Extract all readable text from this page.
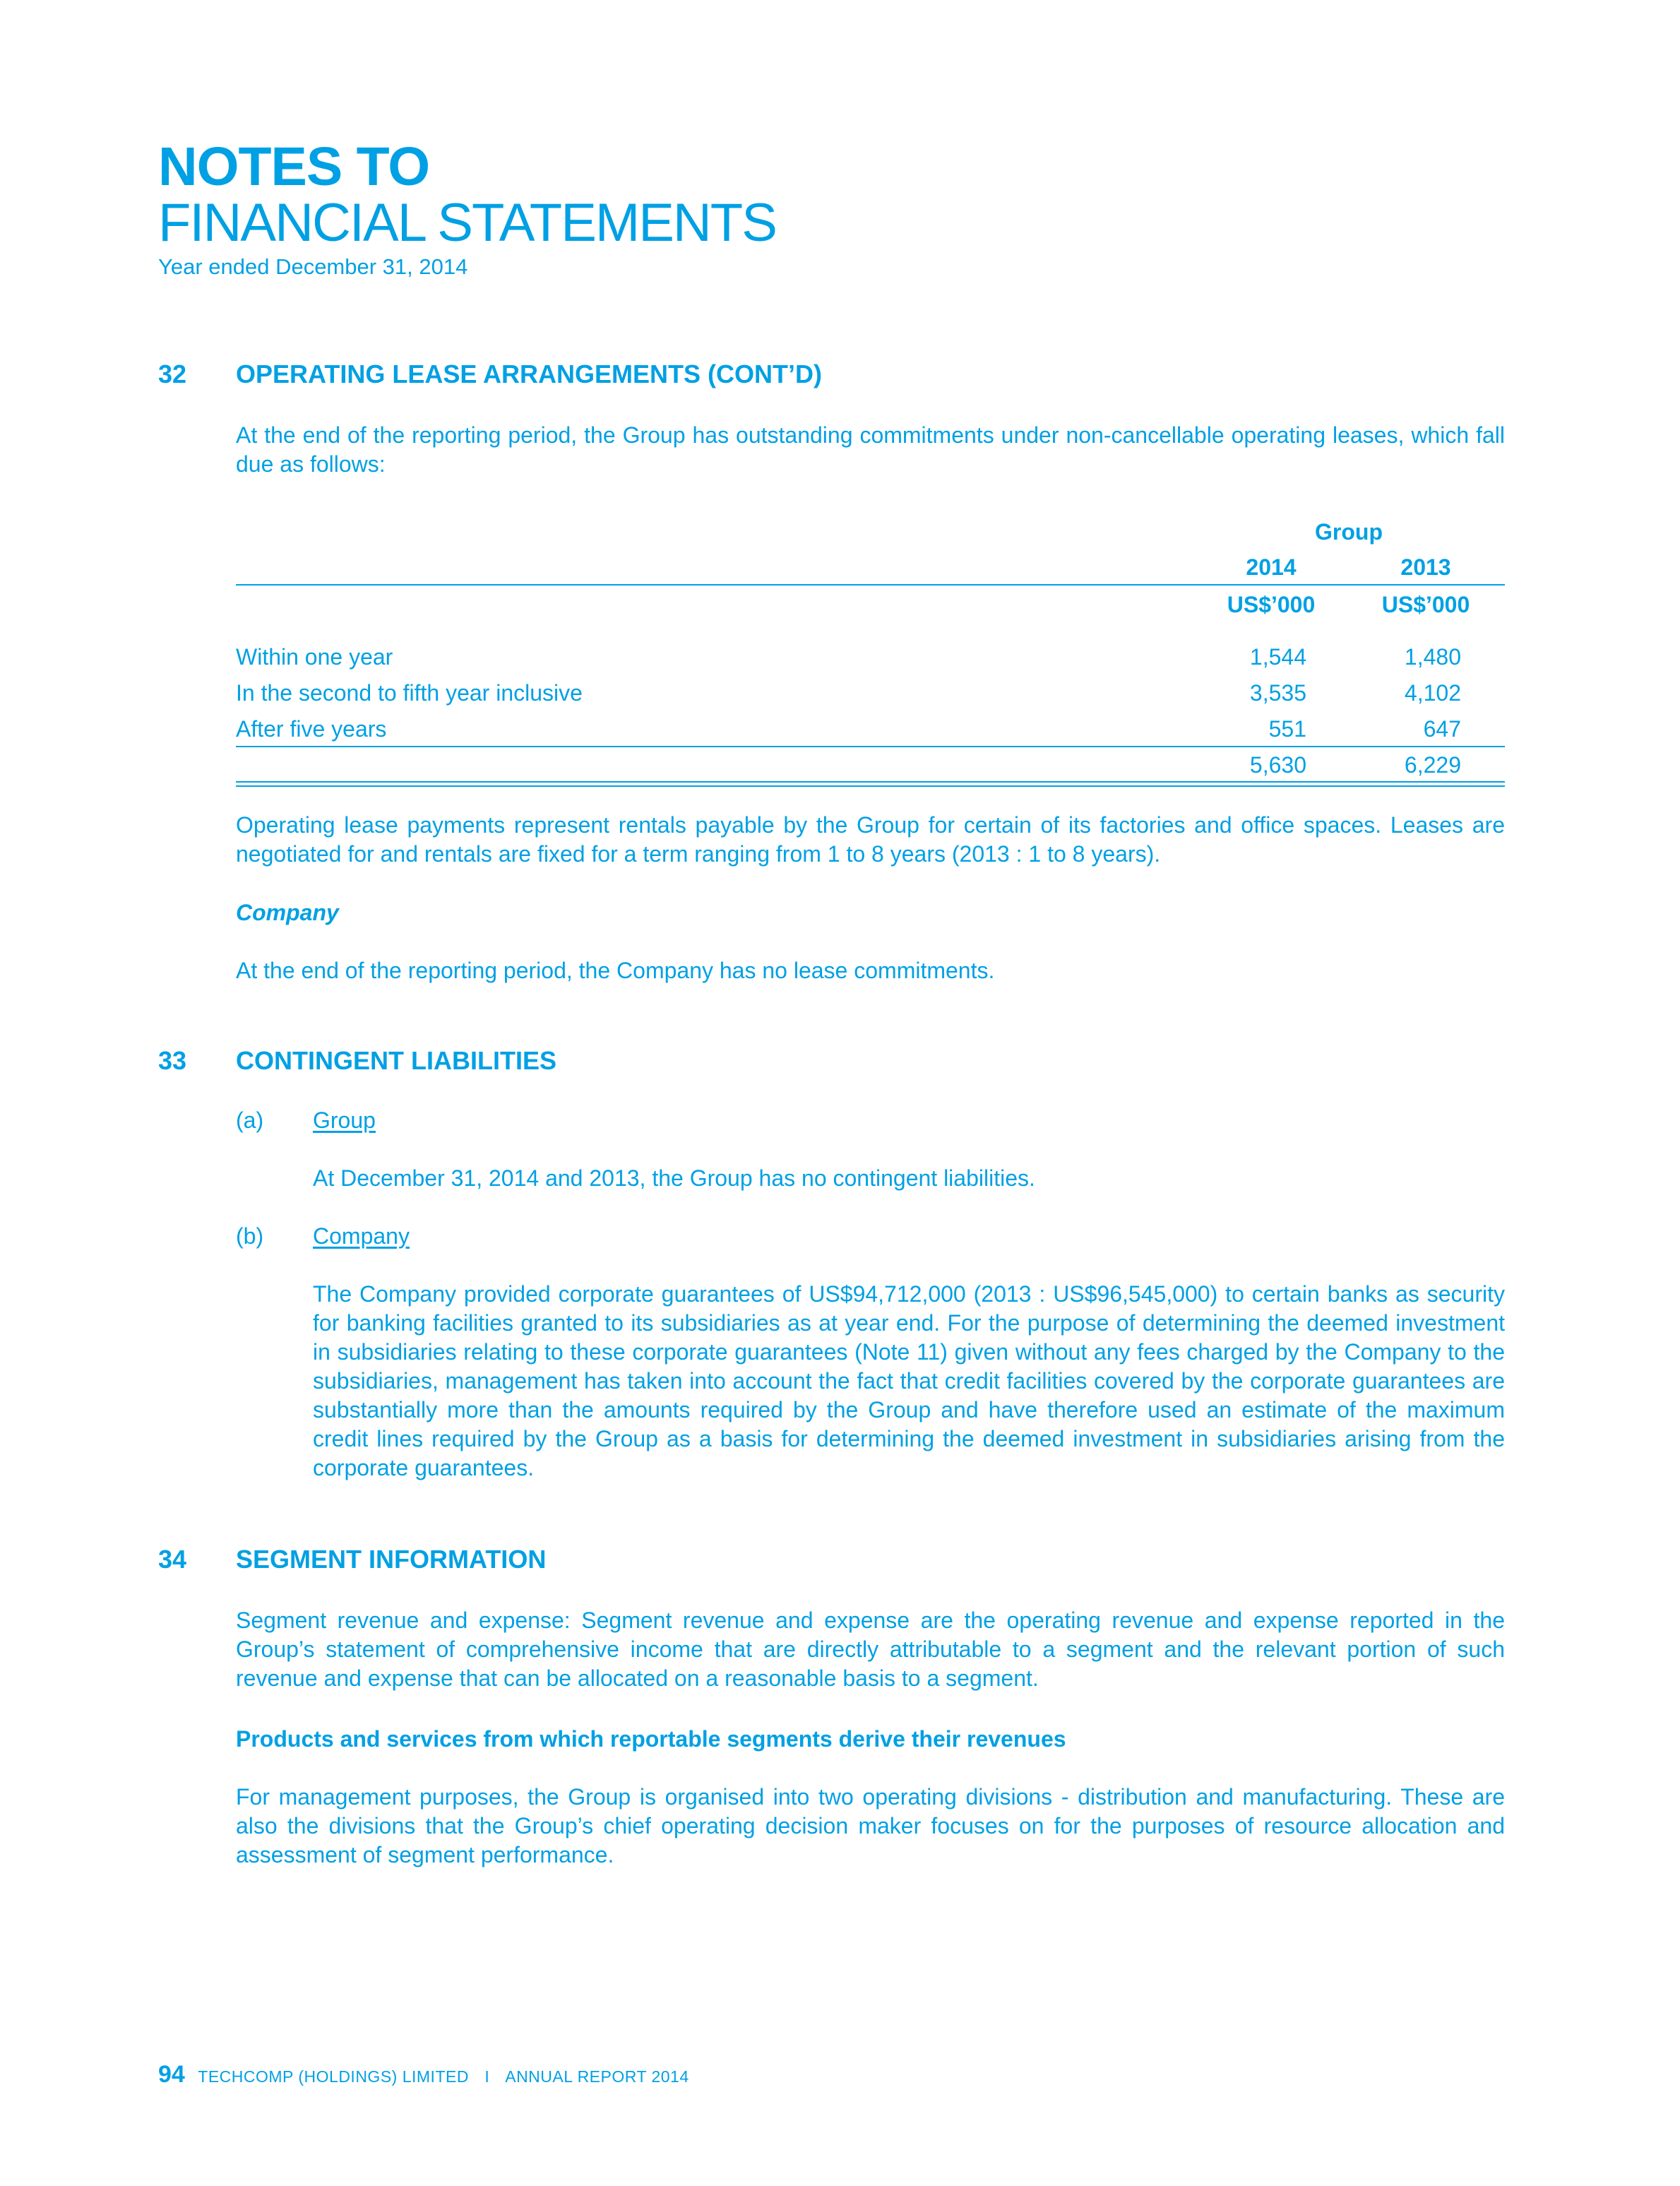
NOTES TO
FINANCIAL STATEMENTS
Year ended December 31, 2014
32 OPERATING LEASE ARRANGEMENTS (CONT’D)

At the end of the reporting period, the Group has outstanding commitments under non-cancellable operating leases, which fall due as follows:

Group
2014	2013
US$’000	US$’000
Within one year	1,544	1,480
In the second to fifth year inclusive	3,535	4,102
After five years	551	647
5,630	6,229

Operating lease payments represent rentals payable by the Group for certain of its factories and office spaces. Leases are negotiated for and rentals are fixed for a term ranging from 1 to 8 years (2013 : 1 to 8 years).

Company

At the end of the reporting period, the Company has no lease commitments.

33 CONTINGENT LIABILITIES
(a) Group

At December 31, 2014 and 2013, the Group has no contingent liabilities.

(b) Company

The Company provided corporate guarantees of US$94,712,000 (2013 : US$96,545,000) to certain banks as security for banking facilities granted to its subsidiaries as at year end. For the purpose of determining the deemed investment in subsidiaries relating to these corporate guarantees (Note 11) given without any fees charged by the Company to the subsidiaries, management has taken into account the fact that credit facilities covered by the corporate guarantees are substantially more than the amounts required by the Group and have therefore used an estimate of the maximum credit lines required by the Group as a basis for determining the deemed investment in subsidiaries arising from the corporate guarantees.

34 SEGMENT INFORMATION

Segment revenue and expense: Segment revenue and expense are the operating revenue and expense reported in the Group’s statement of comprehensive income that are directly attributable to a segment and the relevant portion of such revenue and expense that can be allocated on a reasonable basis to a segment.

Products and services from which reportable segments derive their revenues

For management purposes, the Group is organised into two operating divisions - distribution and manufacturing. These are also the divisions that the Group’s chief operating decision maker focuses on for the purposes of resource allocation and assessment of segment performance.

94 TECHCOMP (HOLDINGS) LIMITED I ANNUAL REPORT 2014
